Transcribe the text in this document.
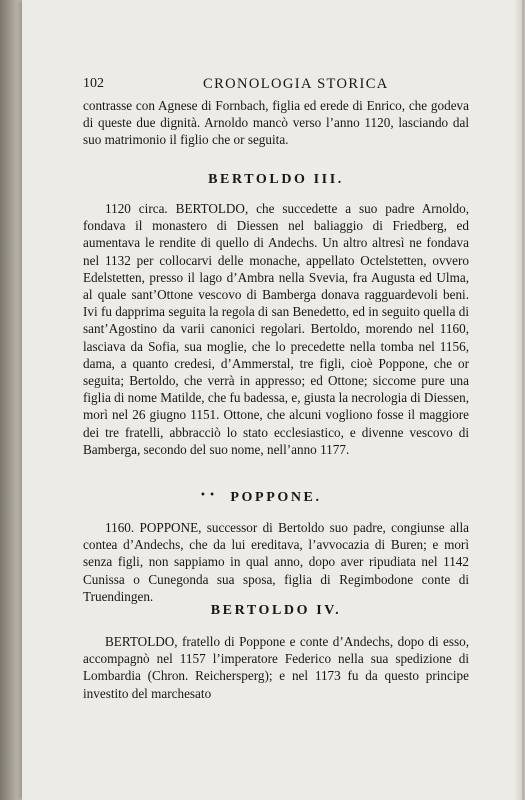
102	CRONOLOGIA STORICA

contrasse con Agnese di Fornbach, figlia ed erede di Enrico, che godeva di queste due dignità. Arnoldo mancò verso l’anno 1120, lasciando dal suo matrimonio il figlio che or seguita.

BERTOLDO III.

1120 circa. BERTOLDO, che succedette a suo padre Arnoldo, fondava il monastero di Diessen nel baliaggio di Friedberg, ed aumentava le rendite di quello di Andechs. Un altro altresì ne fondava nel 1132 per collocarvi delle monache, appellato Octelstetten, ovvero Edelstetten, presso il lago d’Ambra nella Svevia, fra Augusta ed Ulma, al quale sant’Ottone vescovo di Bamberga donava ragguardevoli beni. Ivi fu dapprima seguita la regola di san Benedetto, ed in seguito quella di sant’Agostino da varii canonici regolari. Bertoldo, morendo nel 1160, lasciava da Sofia, sua moglie, che lo precedette nella tomba nel 1156, dama, a quanto credesi, d’Ammerstal, tre figli, cioè Poppone, che or seguita; Bertoldo, che verrà in appresso; ed Ottone; siccome pure una figlia di nome Matilde, che fu badessa, e, giusta la necrologia di Diessen, morì nel 26 giugno 1151. Ottone, che alcuni vogliono fosse il maggiore dei tre fratelli, abbracciò lo stato ecclesiastico, e divenne vescovo di Bamberga, secondo del suo nome, nell’anno 1177.

• •	POPPONE.

1160. POPPONE, successor di Bertoldo suo padre, congiunse alla contea d’Andechs, che da lui ereditava, l’avvocazia di Buren; e morì senza figli, non sappiamo in qual anno, dopo aver ripudiata nel 1142 Cunissa o Cunegonda sua sposa, figlia di Regimbodone conte di Truendingen.

BERTOLDO IV.

BERTOLDO, fratello di Poppone e conte d’Andechs, dopo di esso, accompagnò nel 1157 l’imperatore Federico nella sua spedizione di Lombardia (Chron. Reichersperg); e nel 1173 fu da questo principe investito del marchesato
